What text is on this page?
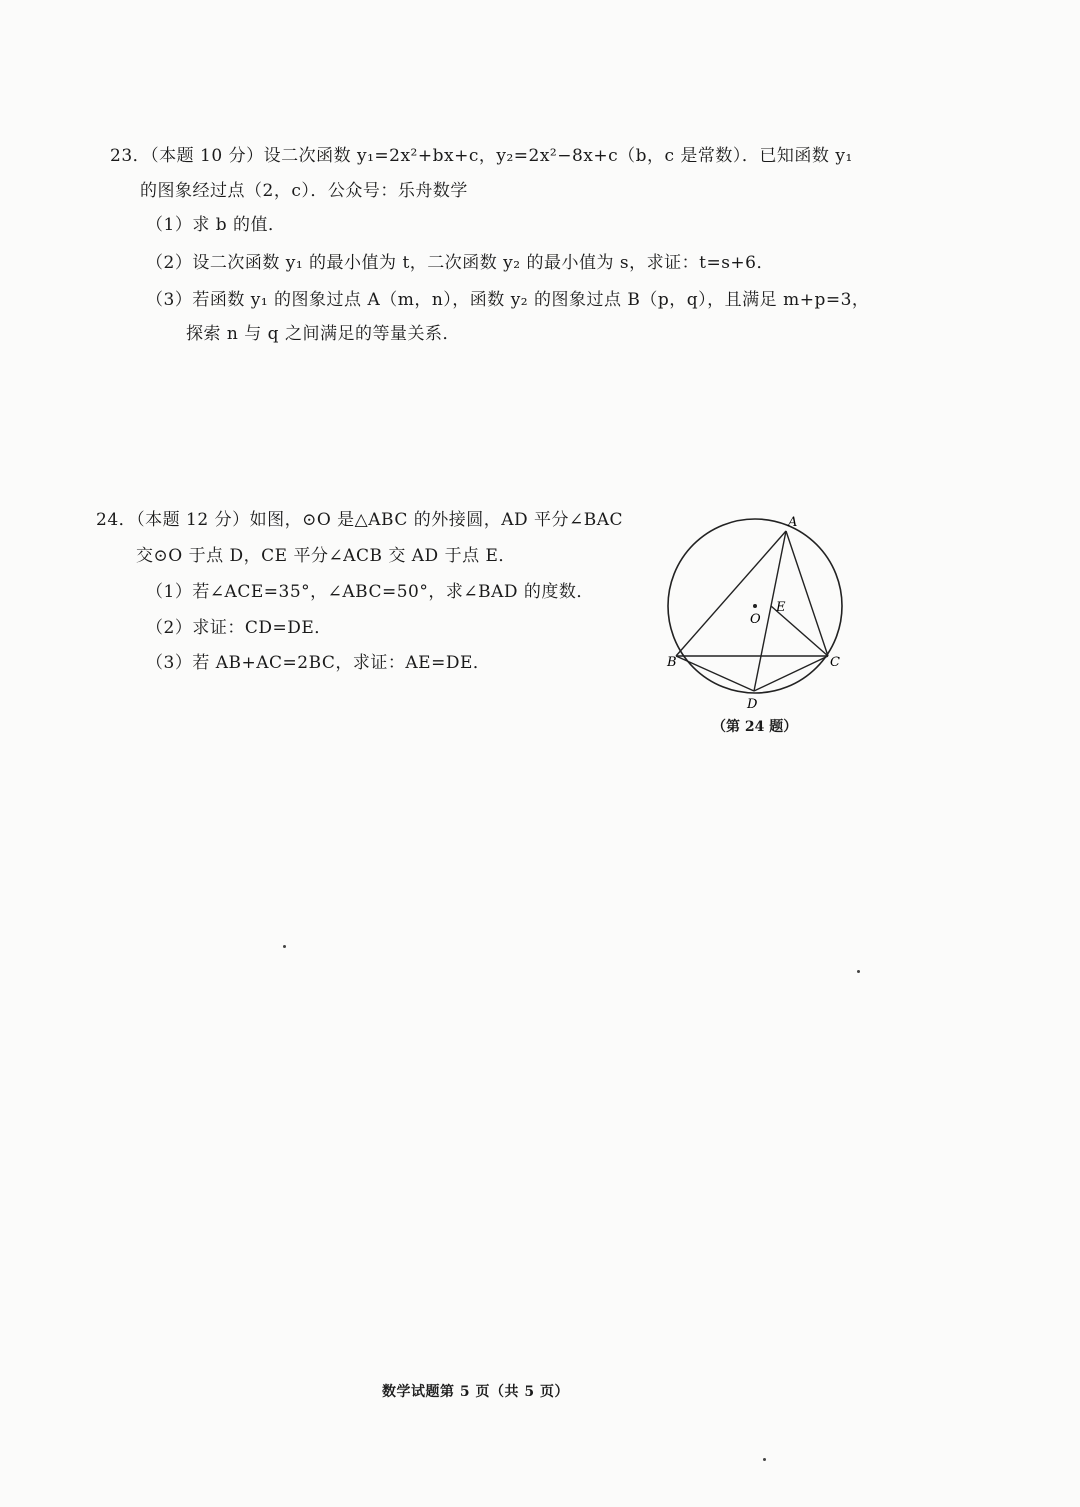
23．（本题 10 分）设二次函数 y₁=2x²+bx+c，y₂=2x²−8x+c（b，c 是常数）．已知函数 y₁
的图象经过点（2，c）．公众号：乐舟数学
（1）求 b 的值．
（2）设二次函数 y₁ 的最小值为 t，二次函数 y₂ 的最小值为 s，求证：t=s+6．
（3）若函数 y₁ 的图象过点 A（m，n），函数 y₂ 的图象过点 B（p，q），且满足 m+p=3，
探索 n 与 q 之间满足的等量关系．
24．（本题 12 分）如图，⊙O 是△ABC 的外接圆，AD 平分∠BAC
交⊙O 于点 D，CE 平分∠ACB 交 AD 于点 E．
（1）若∠ACE=35°，∠ABC=50°，求∠BAD 的度数．
（2）求证：CD=DE．
（3）若 AB+AC=2BC，求证：AE=DE．
A
B	C
D
E
O
（第 24 题）
数学试题第 5 页（共 5 页）
